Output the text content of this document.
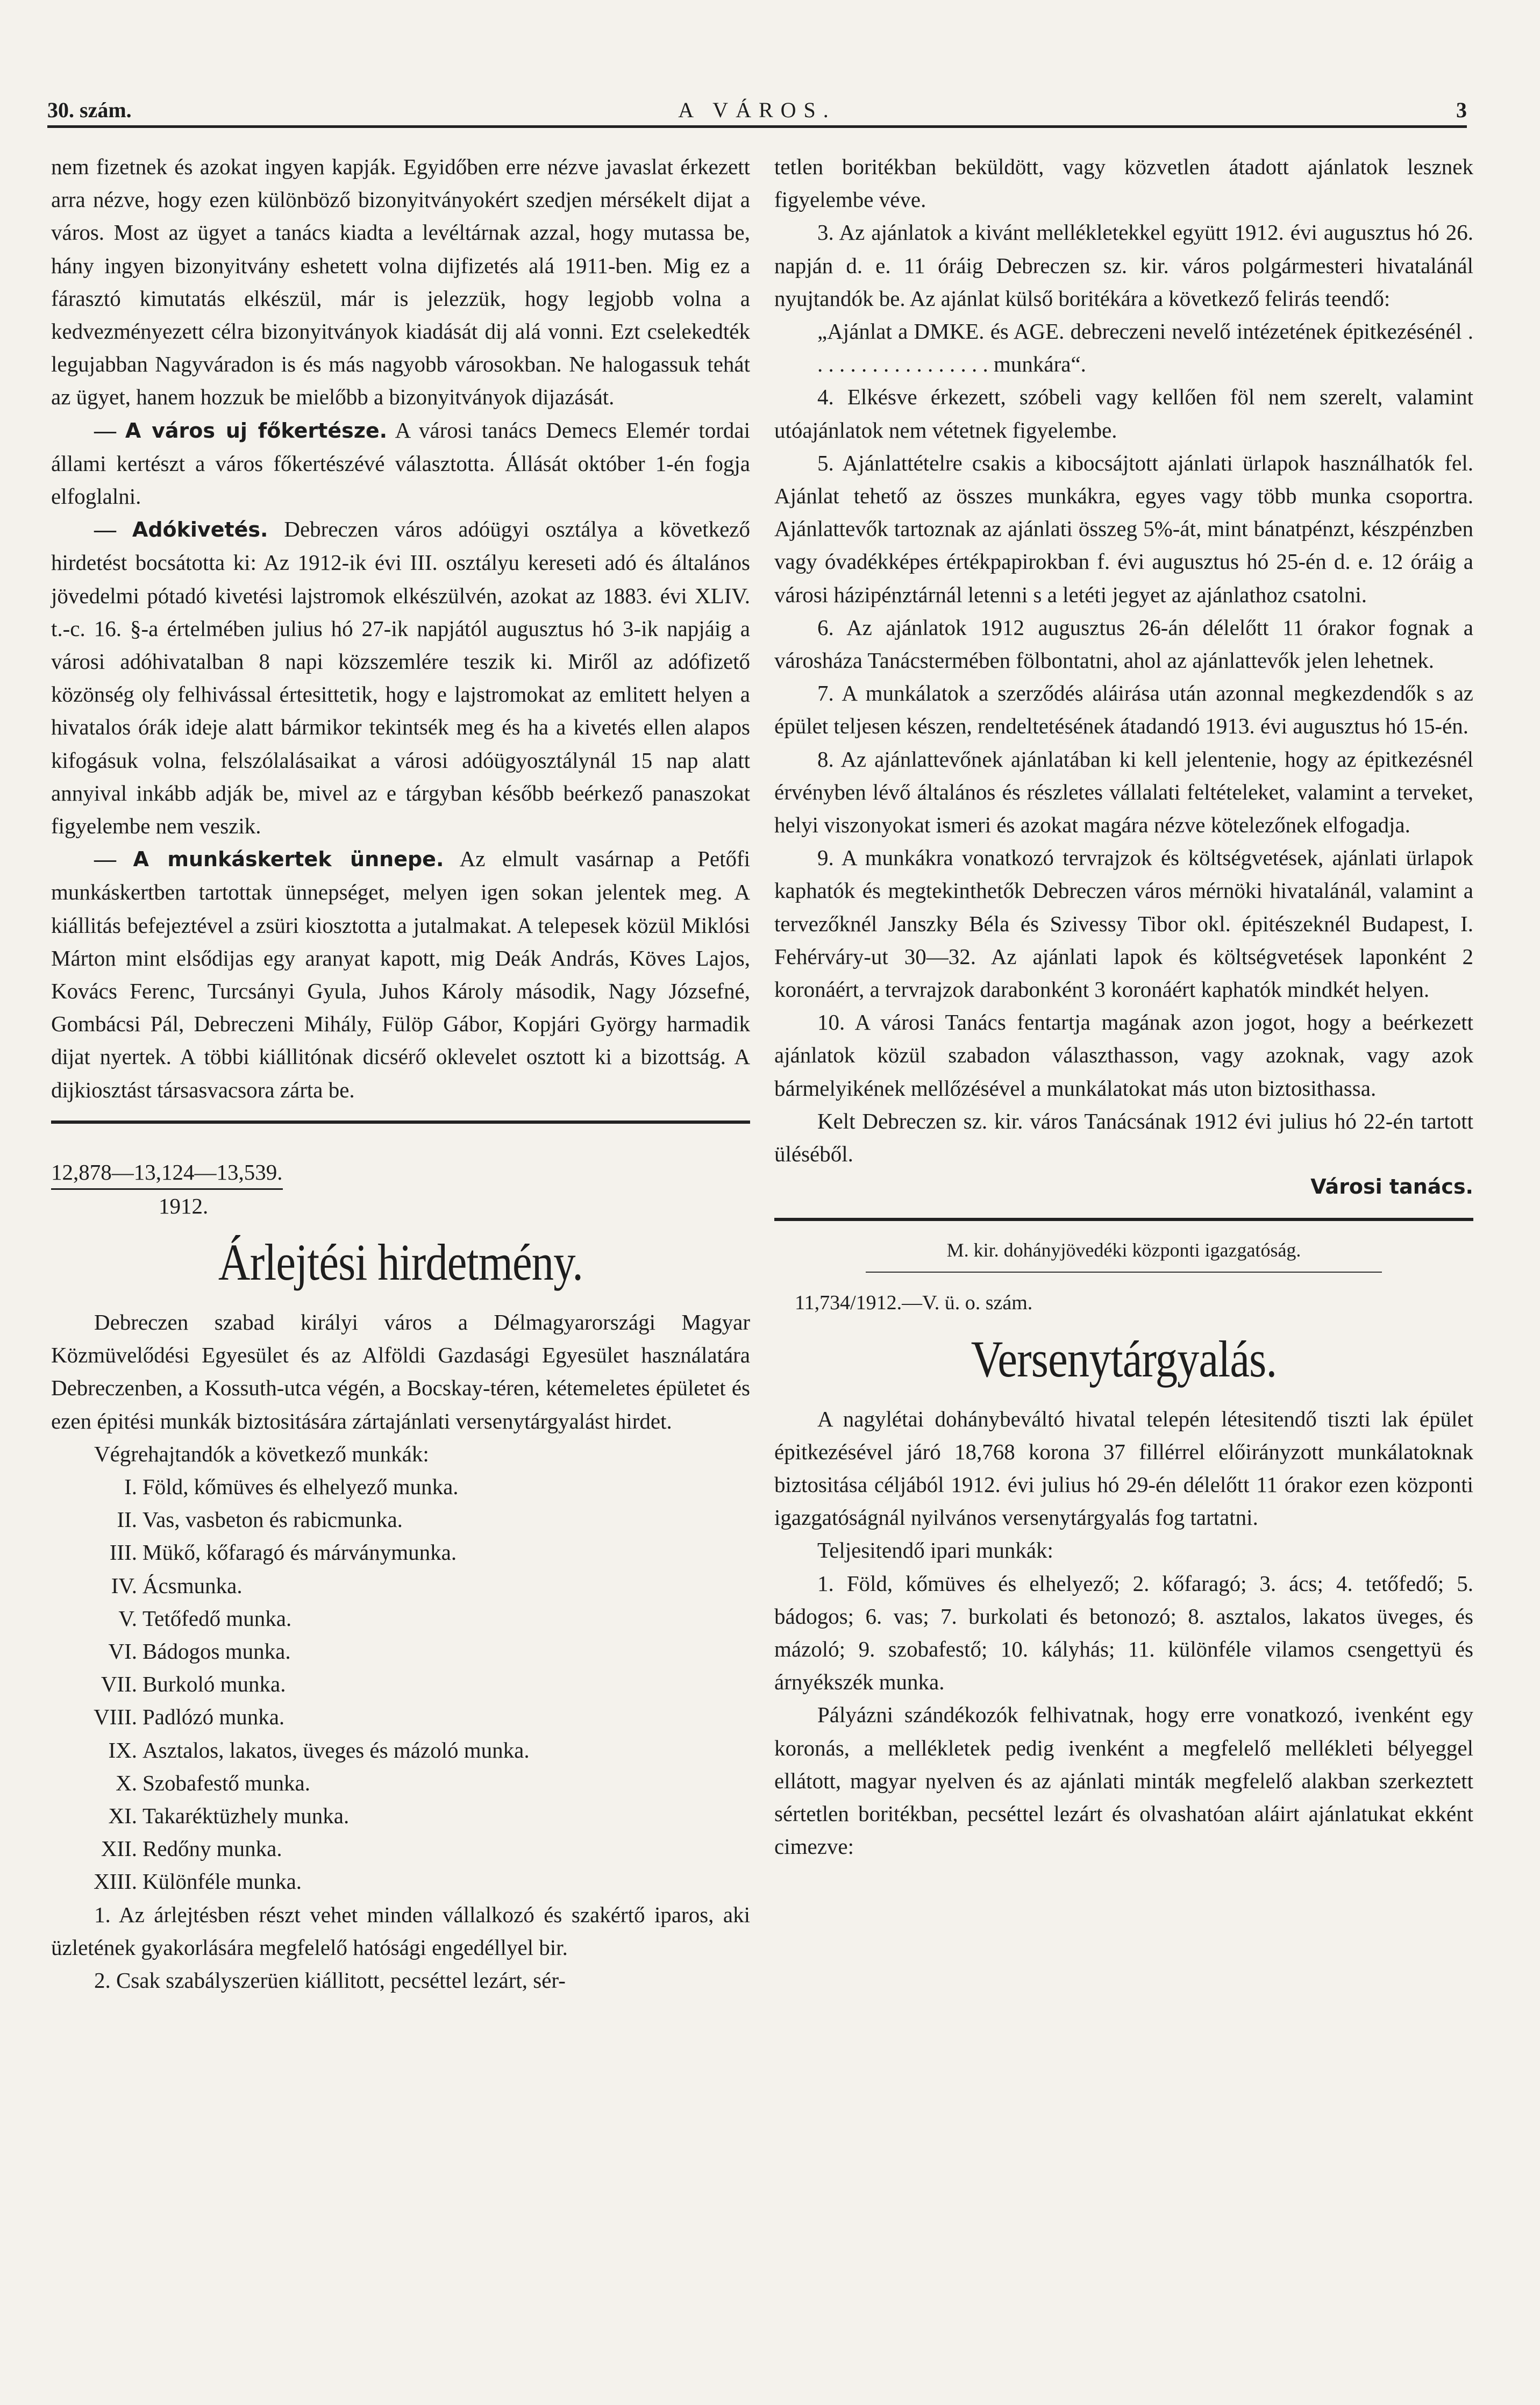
30. szám.	A VÁROS.	3

nem fizetnek és azokat ingyen kapják. Egyidőben erre nézve javaslat érkezett arra nézve, hogy ezen különböző bizonyitványokért szedjen mérsékelt dijat a város. Most az ügyet a tanács kiadta a levéltárnak azzal, hogy mutassa be, hány ingyen bizonyitvány eshetett volna dijfizetés alá 1911-ben. Mig ez a fárasztó kimutatás elkészül, már is jelezzük, hogy legjobb volna a kedvezményezett célra bizonyitványok kiadását dij alá vonni. Ezt cselekedték legujabban Nagyváradon is és más nagyobb városokban. Ne halogassuk tehát az ügyet, hanem hozzuk be mielőbb a bizonyitványok dijazását.

— A város uj főkertésze. A városi tanács Demecs Elemér tordai állami kertészt a város főkertészévé választotta. Állását október 1-én fogja elfoglalni.

— Adókivetés. Debreczen város adóügyi osztálya a következő hirdetést bocsátotta ki: Az 1912-ik évi III. osztályu kereseti adó és általános jövedelmi pótadó kivetési lajstromok elkészülvén, azokat az 1883. évi XLIV. t.-c. 16. §-a értelmében julius hó 27-ik napjától augusztus hó 3-ik napjáig a városi adóhivatalban 8 napi közszemlére teszik ki. Miről az adófizető közönség oly felhivással értesittetik, hogy e lajstromokat az emlitett helyen a hivatalos órák ideje alatt bármikor tekintsék meg és ha a kivetés ellen alapos kifogásuk volna, felszólalásaikat a városi adóügyosztálynál 15 nap alatt annyival inkább adják be, mivel az e tárgyban később beérkező panaszokat figyelembe nem veszik.

— A munkáskertek ünnepe. Az elmult vasárnap a Petőfi munkáskertben tartottak ünnepséget, melyen igen sokan jelentek meg. A kiállitás befejeztével a zsüri kiosztotta a jutalmakat. A telepesek közül Miklósi Márton mint elsődijas egy aranyat kapott, mig Deák András, Köves Lajos, Kovács Ferenc, Turcsányi Gyula, Juhos Károly második, Nagy Józsefné, Gombácsi Pál, Debreczeni Mihály, Fülöp Gábor, Kopjári György harmadik dijat nyertek. A többi kiállitónak dicsérő oklevelet osztott ki a bizottság. A dijkiosztást társasvacsora zárta be.

12,878—13,124—13,539.
1912.
Árlejtési hirdetmény.

Debreczen szabad királyi város a Délmagyarországi Magyar Közmüvelődési Egyesület és az Alföldi Gazdasági Egyesület használatára Debreczenben, a Kossuth-utca végén, a Bocskay-téren, kétemeletes épületet és ezen épitési munkák biztositására zártajánlati versenytárgyalást hirdet.

Végrehajtandók a következő munkák:

I. Föld, kőmüves és elhelyező munka.
II. Vas, vasbeton és rabicmunka.
III. Mükő, kőfaragó és márványmunka.
IV. Ácsmunka.
V. Tetőfedő munka.
VI. Bádogos munka.
VII. Burkoló munka.
VIII. Padlózó munka.
IX. Asztalos, lakatos, üveges és mázoló munka.
X. Szobafestő munka.
XI. Takaréktüzhely munka.
XII. Redőny munka.
XIII. Különféle munka.

1. Az árlejtésben részt vehet minden vállalkozó és szakértő iparos, aki üzletének gyakorlására megfelelő hatósági engedéllyel bir.

2. Csak szabályszerüen kiállitott, pecséttel lezárt, sér-

tetlen boritékban beküldött, vagy közvetlen átadott ajánlatok lesznek figyelembe véve.

3. Az ajánlatok a kivánt mellékletekkel együtt 1912. évi augusztus hó 26. napján d. e. 11 óráig Debreczen sz. kir. város polgármesteri hivatalánál nyujtandók be. Az ajánlat külső boritékára a következő felirás teendő:

„Ajánlat a DMKE. és AGE. debreczeni nevelő intézetének épitkezésénél . . . . . . . . . . . . . . . . . munkára“.

4. Elkésve érkezett, szóbeli vagy kellően föl nem szerelt, valamint utóajánlatok nem vétetnek figyelembe.

5. Ajánlattételre csakis a kibocsájtott ajánlati ürlapok használhatók fel. Ajánlat tehető az összes munkákra, egyes vagy több munka csoportra. Ajánlattevők tartoznak az ajánlati összeg 5%-át, mint bánatpénzt, készpénzben vagy óvadékképes értékpapirokban f. évi augusztus hó 25-én d. e. 12 óráig a városi házipénztárnál letenni s a letéti jegyet az ajánlathoz csatolni.

6. Az ajánlatok 1912 augusztus 26-án délelőtt 11 órakor fognak a városháza Tanácstermében fölbontatni, ahol az ajánlattevők jelen lehetnek.

7. A munkálatok a szerződés aláirása után azonnal megkezdendők s az épület teljesen készen, rendeltetésének átadandó 1913. évi augusztus hó 15-én.

8. Az ajánlattevőnek ajánlatában ki kell jelentenie, hogy az épitkezésnél érvényben lévő általános és részletes vállalati feltételeket, valamint a terveket, helyi viszonyokat ismeri és azokat magára nézve kötelezőnek elfogadja.

9. A munkákra vonatkozó tervrajzok és költségvetések, ajánlati ürlapok kaphatók és megtekinthetők Debreczen város mérnöki hivatalánál, valamint a tervezőknél Janszky Béla és Szivessy Tibor okl. épitészeknél Budapest, I. Fehérváry-ut 30—32. Az ajánlati lapok és költségvetések laponként 2 koronáért, a tervrajzok darabonként 3 koronáért kaphatók mindkét helyen.

10. A városi Tanács fentartja magának azon jogot, hogy a beérkezett ajánlatok közül szabadon választhasson, vagy azoknak, vagy azok bármelyikének mellőzésével a munkálatokat más uton biztosithassa.

Kelt Debreczen sz. kir. város Tanácsának 1912 évi julius hó 22-én tartott üléséből.

Városi tanács.
M. kir. dohányjövedéki központi igazgatóság.
11,734/1912.—V. ü. o. szám.
Versenytárgyalás.

A nagylétai dohánybeváltó hivatal telepén létesitendő tiszti lak épület épitkezésével járó 18,768 korona 37 fillérrel előirányzott munkálatoknak biztositása céljából 1912. évi julius hó 29-én délelőtt 11 órakor ezen központi igazgatóságnál nyilvános versenytárgyalás fog tartatni.

Teljesitendő ipari munkák:

1. Föld, kőmüves és elhelyező; 2. kőfaragó; 3. ács; 4. tetőfedő; 5. bádogos; 6. vas; 7. burkolati és betonozó; 8. asztalos, lakatos üveges, és mázoló; 9. szobafestő; 10. kályhás; 11. különféle vilamos csengettyü és árnyékszék munka.

Pályázni szándékozók felhivatnak, hogy erre vonatkozó, ivenként egy koronás, a mellékletek pedig ivenként a megfelelő mellékleti bélyeggel ellátott, magyar nyelven és az ajánlati minták megfelelő alakban szerkeztett sértetlen boritékban, pecséttel lezárt és olvashatóan aláirt ajánlatukat ekként cimezve:
